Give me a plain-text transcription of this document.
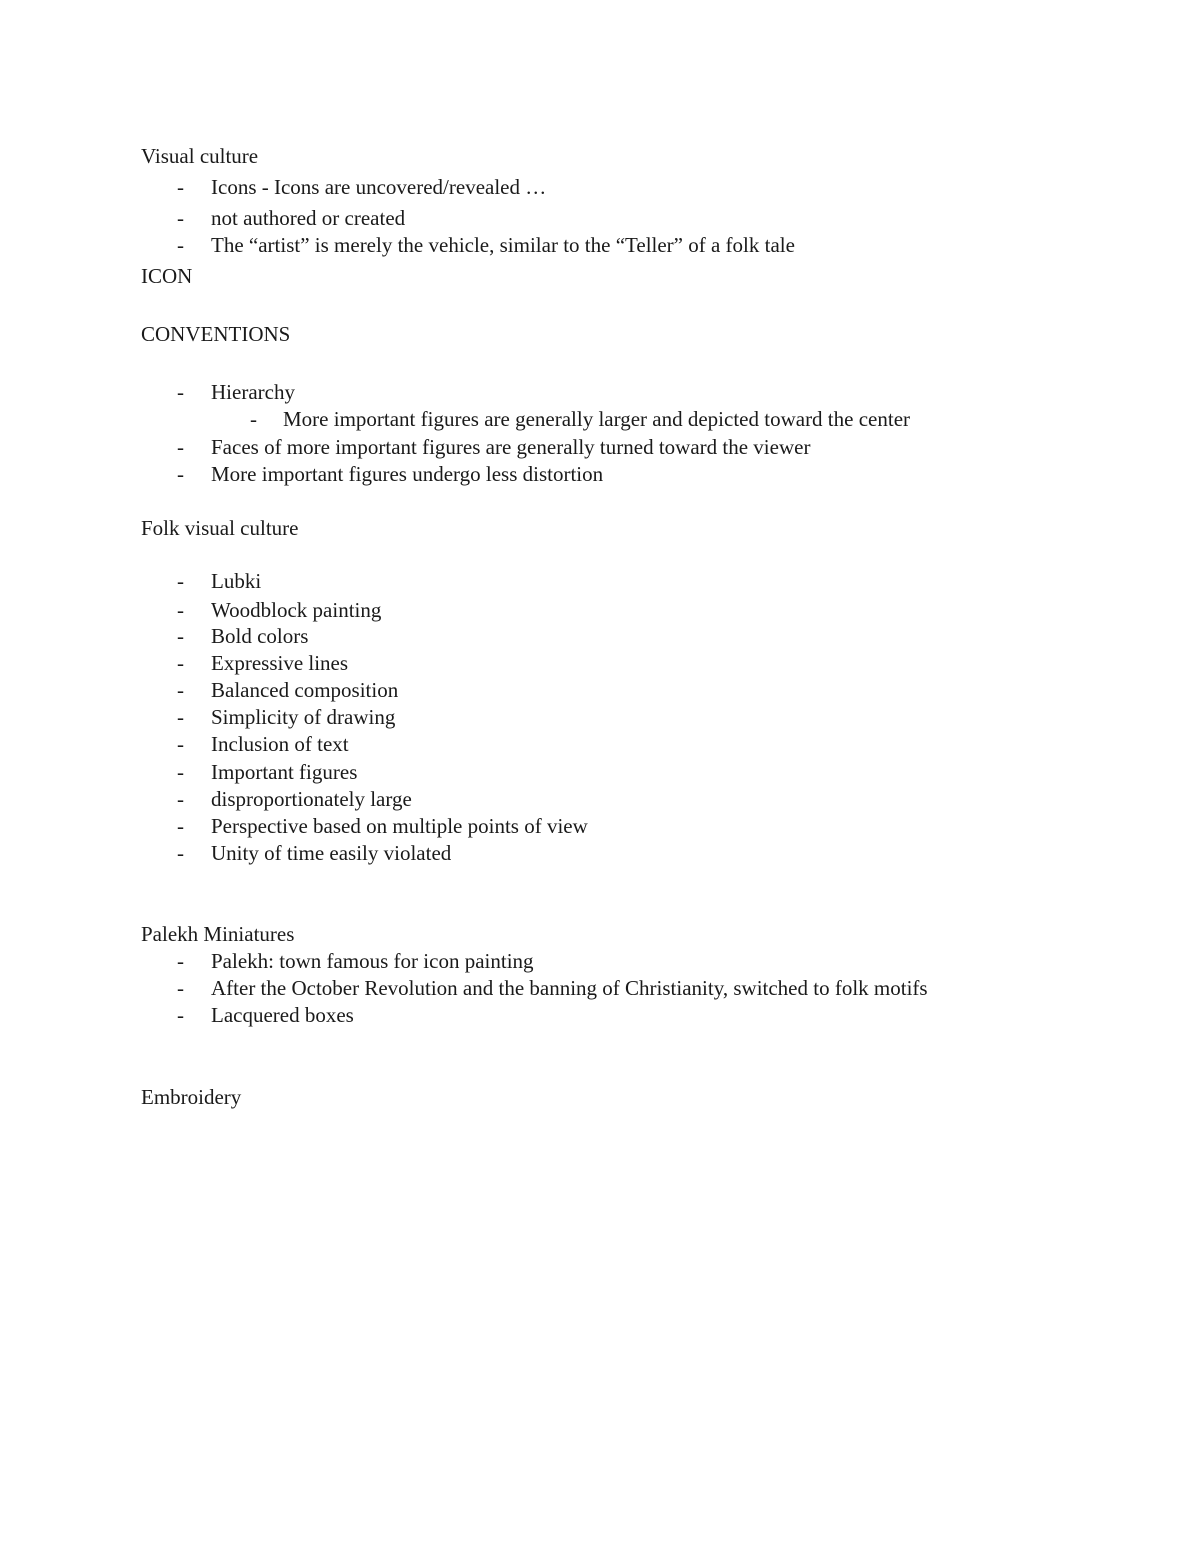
Visual culture
- Icons - Icons are uncovered/revealed …
- not authored or created
- The “artist” is merely the vehicle, similar to the “Teller” of a folk tale
ICON
CONVENTIONS
- Hierarchy
- More important figures are generally larger and depicted toward the center
- Faces of more important figures are generally turned toward the viewer
- More important figures undergo less distortion
Folk visual culture
- Lubki
- Woodblock painting
- Bold colors
- Expressive lines
- Balanced composition
- Simplicity of drawing
- Inclusion of text
- Important figures
- disproportionately large
- Perspective based on multiple points of view
- Unity of time easily violated
Palekh Miniatures
- Palekh: town famous for icon painting
- After the October Revolution and the banning of Christianity, switched to folk motifs
- Lacquered boxes
Embroidery
